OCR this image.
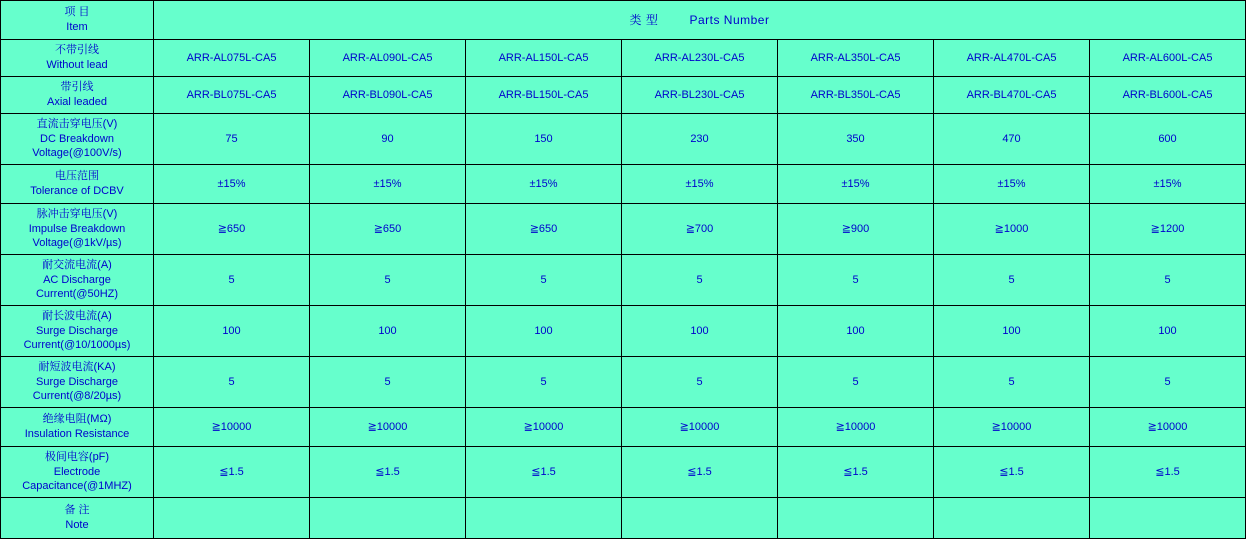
项 目
Item	类 型 Parts Number						

不带引线
Without lead	ARR-AL075L-CA5	ARR-AL090L-CA5	ARR-AL150L-CA5	ARR-AL230L-CA5	ARR-AL350L-CA5	ARR-AL470L-CA5	ARR-AL600L-CA5

带引线
Axial leaded	ARR-BL075L-CA5	ARR-BL090L-CA5	ARR-BL150L-CA5	ARR-BL230L-CA5	ARR-BL350L-CA5	ARR-BL470L-CA5	ARR-BL600L-CA5

直流击穿电压(V)
DC Breakdown
Voltage(@100V/s)	75	90	150	230	350	470	600

电压范围
Tolerance of DCBV	±15%	±15%	±15%	±15%	±15%	±15%	±15%

脉冲击穿电压(V)
Impulse Breakdown
Voltage(@1kV/µs)	≧650	≧650	≧650	≧700	≧900	≧1000	≧1200

耐交流电流(A)
AC Discharge
Current(@50HZ)	5	5	5	5	5	5	5

耐长波电流(A)
Surge Discharge
Current(@10/1000µs)	100	100	100	100	100	100	100

耐短波电流(KA)
Surge Discharge
Current(@8/20µs)	5	5	5	5	5	5	5

绝缘电阻(MΩ)
Insulation Resistance	≧10000	≧10000	≧10000	≧10000	≧10000	≧10000	≧10000

极间电容(pF)
Electrode
Capacitance(@1MHZ)	≦1.5	≦1.5	≦1.5	≦1.5	≦1.5	≦1.5	≦1.5

备 注
Note							
